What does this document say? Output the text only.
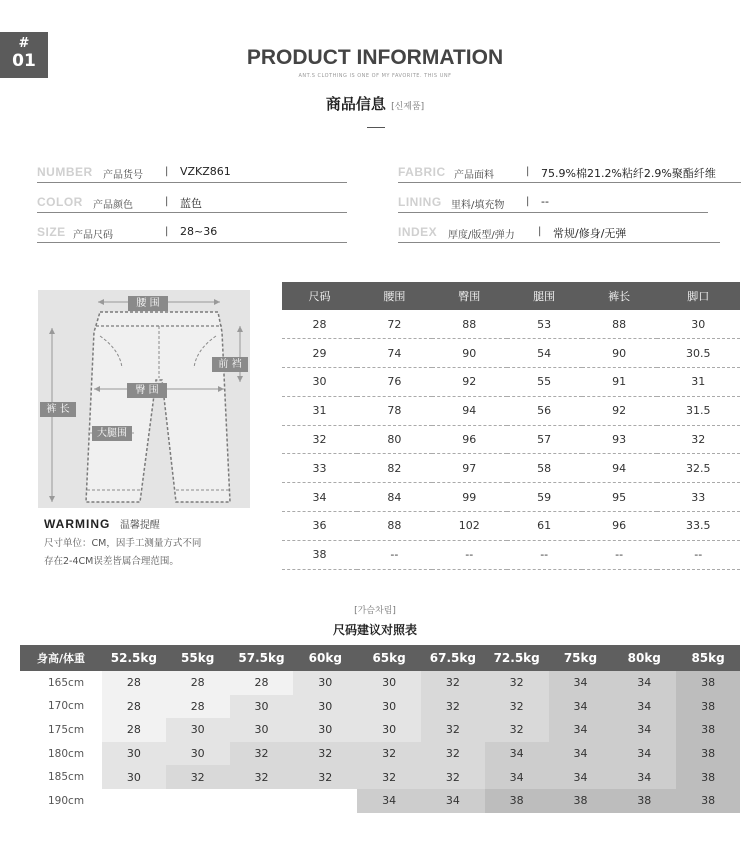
#
01	PRODUCT INFORMATION
ANT.S CLOTHING IS ONE OF MY FAVORITE. THIS UNF
商品信息 [신제품]
NUMBER 产品货号 | VZKZ861
COLOR 产品颜色	| 蓝色
SIZE 产品尺码	| 28~36
FABRIC 产品面料	| 75.9%棉21.2%粘纤2.9%聚酯纤维
LINING 里料/填充物 | --
INDEX 厚度/版型/弹力 | 常规/修身/无弹
腰 围
臀 围
前 裆
裤 长
大腿围
WARMING 温馨提醒
尺寸单位：CM，因手工测量方式不同
存在2-4CM误差皆属合理范围。
尺码	腰围	臀围	腿围	裤长	脚口
28	72	88	53	88	30
29	74	90	54	90	30.5
30	76	92	55	91	31
31	78	94	56	92	31.5
32	80	96	57	93	32
33	82	97	58	94	32.5
34	84	99	59	95	33
36	88	102	61	96	33.5
38	--	--	--	--	--
[가슴차림]
尺码建议对照表
身高/体重	52.5kg	55kg	57.5kg	60kg	65kg	67.5kg	72.5kg	75kg	80kg	85kg
165cm	28	28	28	30	30	32	32	34	34	38
170cm	28	28	30	30	30	32	32	34	34	38
175cm	28	30	30	30	30	32	32	34	34	38
180cm	30	30	32	32	32	32	34	34	34	38
185cm	30	32	32	32	32	32	34	34	34	38
190cm					34	34	38	38	38	38
